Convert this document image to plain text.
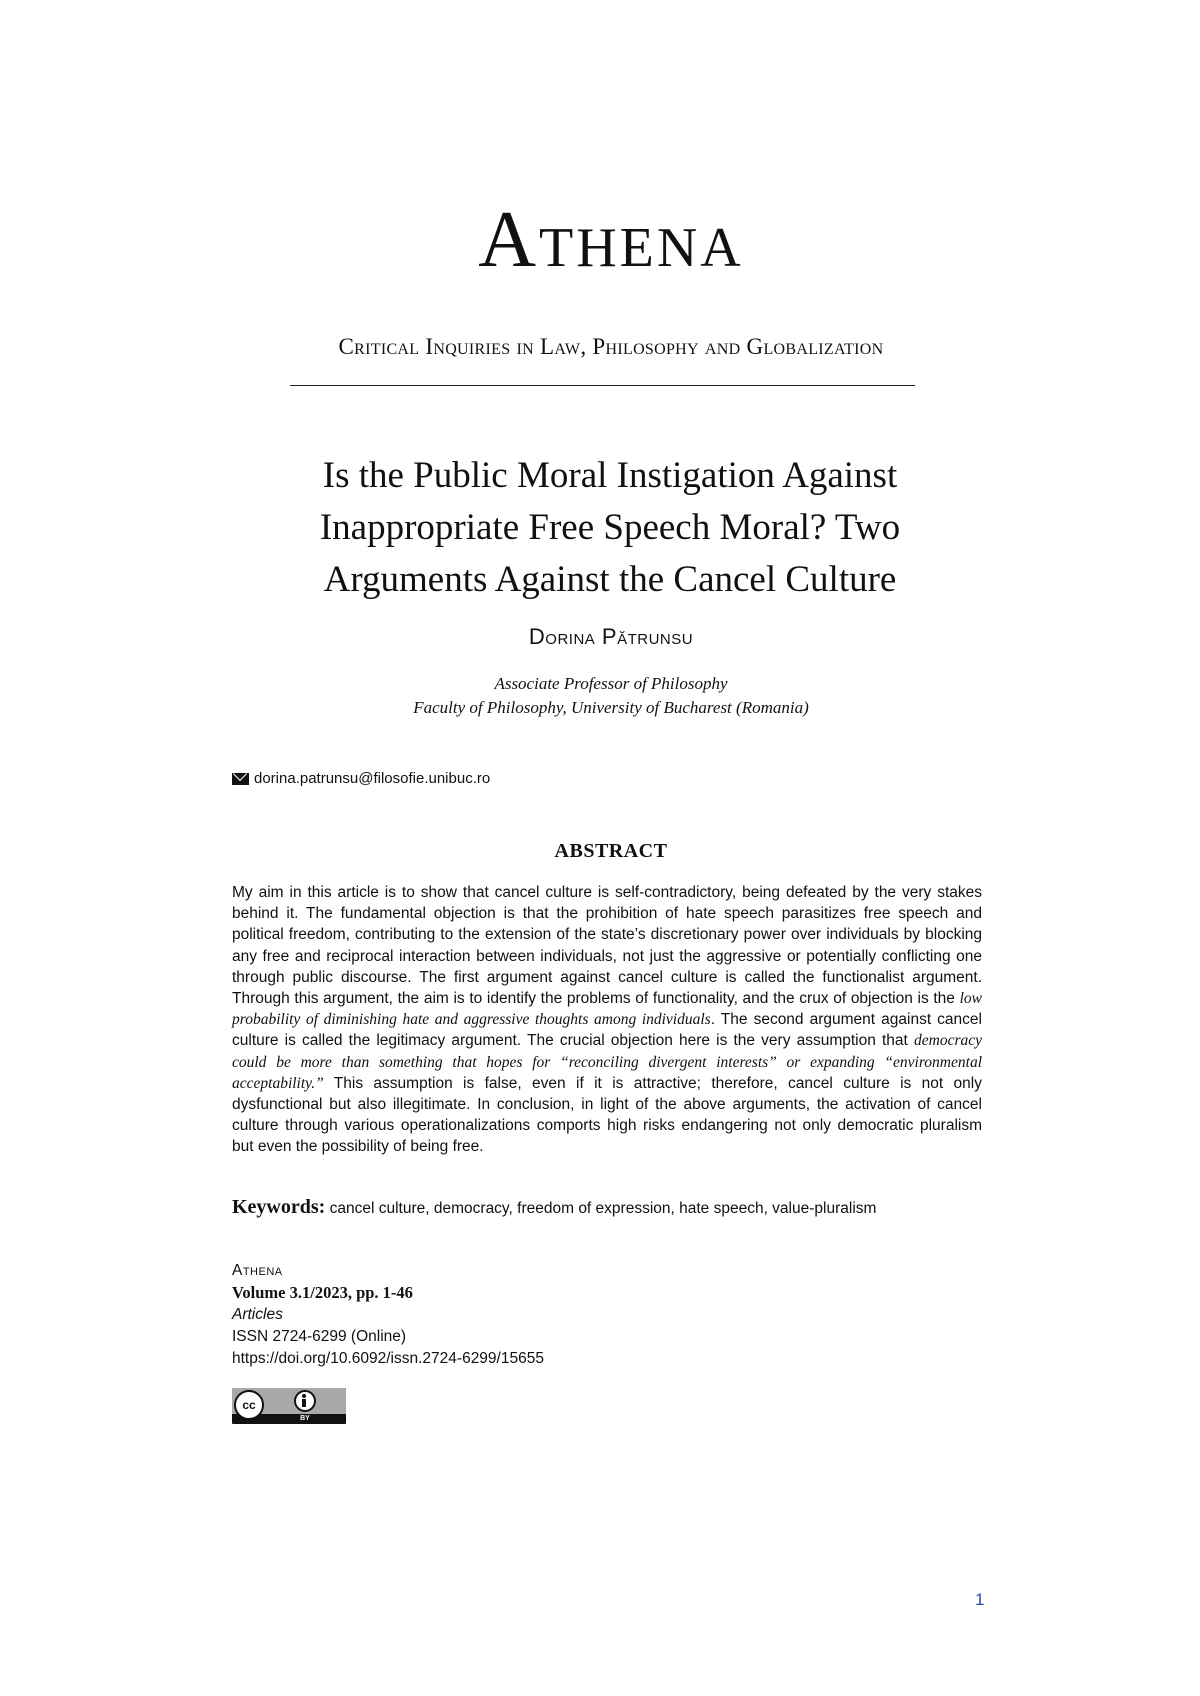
Athena
Critical Inquiries in Law, Philosophy and Globalization
Is the Public Moral Instigation Against Inappropriate Free Speech Moral? Two Arguments Against the Cancel Culture
Dorina Pătrunsu
Associate Professor of Philosophy
Faculty of Philosophy, University of Bucharest (Romania)
dorina.patrunsu@filosofie.unibuc.ro
ABSTRACT
My aim in this article is to show that cancel culture is self-contradictory, being defeated by the very stakes behind it. The fundamental objection is that the prohibition of hate speech parasitizes free speech and political freedom, contributing to the extension of the state’s discretionary power over individuals by blocking any free and reciprocal interaction between individuals, not just the aggressive or potentially conflicting one through public discourse. The first argument against cancel culture is called the functionalist argument. Through this argument, the aim is to identify the problems of functionality, and the crux of objection is the low probability of diminishing hate and aggressive thoughts among individuals. The second argument against cancel culture is called the legitimacy argument. The crucial objection here is the very assumption that democracy could be more than something that hopes for “reconciling divergent interests” or expanding “environmental acceptability.” This assumption is false, even if it is attractive; therefore, cancel culture is not only dysfunctional but also illegitimate. In conclusion, in light of the above arguments, the activation of cancel culture through various operationalizations comports high risks endangering not only democratic pluralism but even the possibility of being free.
Keywords: cancel culture, democracy, freedom of expression, hate speech, value-pluralism
Athena
Volume 3.1/2023, pp. 1-46
Articles
ISSN 2724-6299 (Online)
https://doi.org/10.6092/issn.2724-6299/15655
cc
BY
1
